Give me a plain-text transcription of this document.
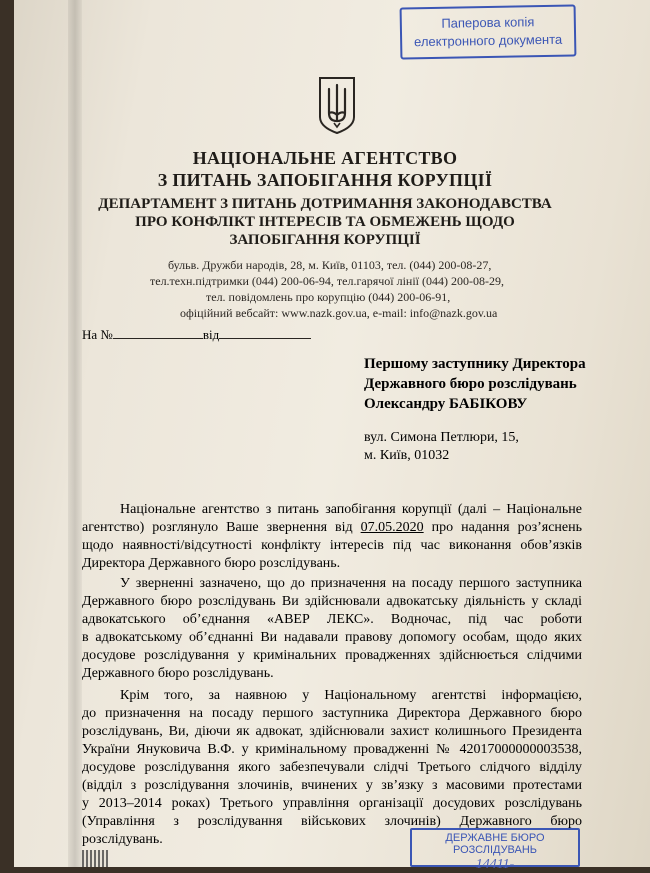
Паперова копія
електронного документа
НАЦІОНАЛЬНЕ АГЕНТСТВО
З ПИТАНЬ ЗАПОБІГАННЯ КОРУПЦІЇ
ДЕПАРТАМЕНТ З ПИТАНЬ ДОТРИМАННЯ ЗАКОНОДАВСТВА
ПРО КОНФЛІКТ ІНТЕРЕСІВ ТА ОБМЕЖЕНЬ ЩОДО
ЗАПОБІГАННЯ КОРУПЦІЇ
бульв. Дружби народів, 28, м. Київ, 01103, тел. (044) 200-08-27,
тел.техн.підтримки (044) 200-06-94, тел.гарячої лінії (044) 200-08-29,
тел. повідомлень про корупцію (044) 200-06-91,
офіційний вебсайт: www.nazk.gov.ua, e-mail: info@nazk.gov.ua
На №	від
Першому заступнику Директора
Державного бюро розслідувань
Олександру БАБІКОВУ
вул. Симона Петлюри, 15,
м. Київ, 01032
Національне агентство з питань запобігання корупції (далі – Національне
агентство) розглянуло Ваше звернення від 07.05.2020 про надання роз’яснень
щодо наявності/відсутності конфлікту інтересів під час виконання обов’язків
Директора Державного бюро розслідувань.
У зверненні зазначено, що до призначення на посаду першого заступника
Державного бюро розслідувань Ви здійснювали адвокатську діяльність у складі
адвокатського об’єднання «АВЕР ЛЕКС». Водночас, під час роботи
в адвокатському об’єднанні Ви надавали правову допомогу особам, щодо яких
досудове розслідування у кримінальних провадженнях здійснюється слідчими
Державного бюро розслідувань.
Крім того, за наявною у Національному агентстві інформацією,
до призначення на посаду першого заступника Директора Державного бюро
розслідувань, Ви, діючи як адвокат, здійснювали захист колишнього Президента
України Януковича В.Ф. у кримінальному провадженні № 42017000000003538,
досудове розслідування якого забезпечували слідчі Третього слідчого відділу
(відділ з розслідування злочинів, вчинених у зв’язку з масовими протестами
у 2013–2014 роках) Третього управління організації досудових розслідувань
(Управління з розслідування військових злочинів) Державного бюро
розслідувань.	ДЕРЖАВНЕ БЮРО РОЗСЛІДУВАНЬ
14411-
